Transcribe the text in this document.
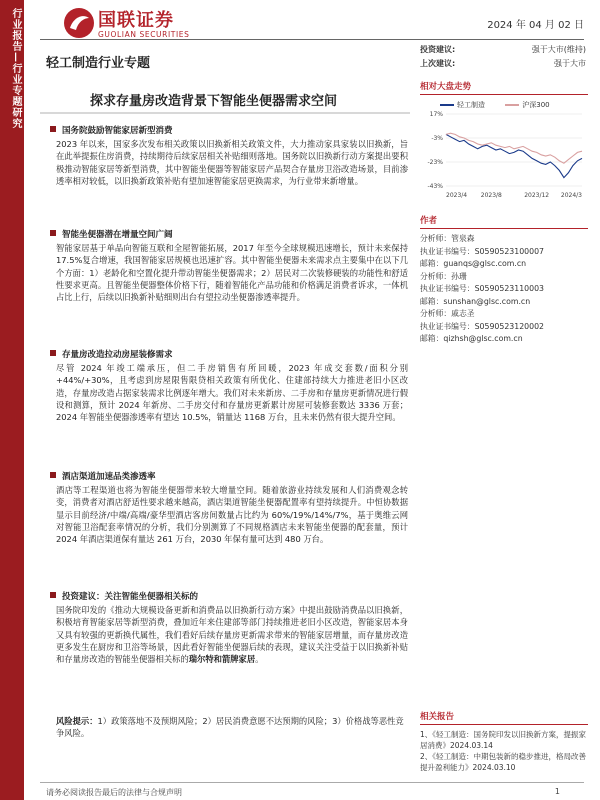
行业报告—行业专题研究	国联证券
GUOLIAN SECURITIES
2024 年 04 月 02 日
轻工制造行业专题
投资建议:	强于大市(维持)
上次建议:	强于大市
探求存量房改造背景下智能坐便器需求空间
国务院鼓励智能家居新型消费
2023 年以来，国家多次发布相关政策以旧换新相关政策文件，大力推动家具家装以旧换新，旨在此举提振住房消费，持续期待后续家居相关补贴细则落地。国务院以旧换新行动方案提出要积极推动智能家居等新型消费，其中智能坐便器等智能家居产品契合存量房卫浴改造场景，目前渗透率相对较低，以旧换新政策补贴有望加速智能家居更换需求，为行业带来新增量。
智能坐便器潜在增量空间广阔
智能家居基于单品向智能互联和全屋智能拓展，2017 年至今全球规模迅速增长，预计未来保持 17.5%复合增速，我国智能家居规模也迅速扩容。其中智能坐便器未来需求点主要集中在以下几个方面：1）老龄化和空置化提升带动智能坐便器需求；2）居民对二次装修硬装的功能性和舒适性要求更高。且智能坐便器整体价格下行，随着智能化产品功能和价格满足消费者诉求，一体机占比上行，后续以旧换新补贴细则出台有望拉动坐便器渗透率提升。
存量房改造拉动房屋装修需求
尽管 2024 年竣工端承压，但二手房销售有所回暖，2023 年成交套数/面积分别+44%/+30%，且考虑到房屋限售限贷相关政策有所优化、住建部持续大力推进老旧小区改造，存量房改造占据家装需求比例逐年增大。我们对未来新房、二手房和存量房更新情况进行假设和测算，预计 2024 年新房、二手房交付和存量房更新累计房屋可装修套数达 3336 万套；2024 年智能坐便器渗透率有望达 10.5%，销量达 1168 万台，且未来仍然有很大提升空间。
酒店渠道加速品类渗透率
酒店等工程渠道也将为智能坐便器带来较大增量空间。随着旅游业持续发展和人们消费观念转变，消费者对酒店舒适性要求越来越高，酒店渠道智能坐便器配置率有望持续提升。中恒协数据显示目前经济/中端/高端/豪华型酒店客房间数量占比约为 60%/19%/14%/7%，基于奥维云网对智能卫浴配套率情况的分析，我们分别测算了不同规格酒店未来智能坐便器的配套量，预计 2024 年酒店渠道保有量达 261 万台，2030 年保有量可达到 480 万台。
投资建议：关注智能坐便器相关标的
国务院印发的《推动大规模设备更新和消费品以旧换新行动方案》中提出鼓励消费品以旧换新，积极培育智能家居等新型消费，叠加近年来住建部等部门持续推进老旧小区改造，智能家居本身又具有较强的更新换代属性，我们看好后续存量房更新需求带来的智能家居增量，而存量房改造更多发生在厨房和卫浴等场景，因此看好智能坐便器后续的表现，建议关注受益于以旧换新补贴和存量房改造的智能坐便器相关标的瑞尔特和箭牌家居。
风险提示：1）政策落地不及预期风险；2）居民消费意愿不达预期的风险；3）价格战等恶性竞争风险。
相对大盘走势
轻工制造	沪深300
17%
-3%
-23%
-43%
2023/4 2023/8	2023/12 2024/3
作者
分析师：管泉森
执业证书编号：S0590523100007
邮箱：guanqs@glsc.com.cn
分析师：孙珊
执业证书编号：S0590523110003
邮箱：sunshan@glsc.com.cn
分析师：戚志圣
执业证书编号：S0590523120002
邮箱：qizhsh@glsc.com.cn
相关报告
1、《轻工制造：国务院印发以旧换新方案，提振家居消费》2024.03.14
2、《轻工制造：中期包装新的稳步推进，格局改善提升盈利能力》2024.03.10
请务必阅读报告最后的法律与合规声明	1
